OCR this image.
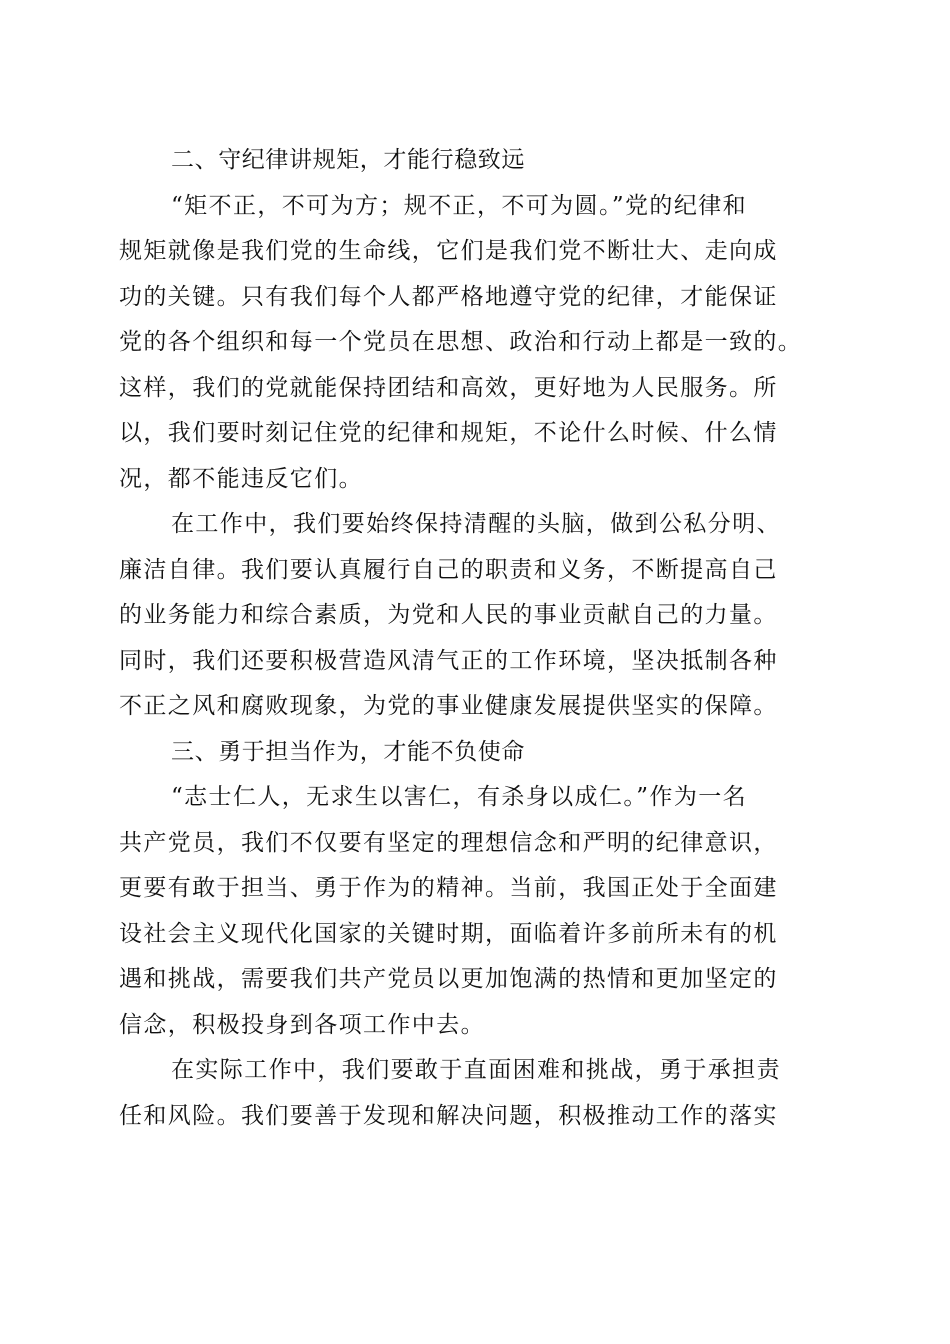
二、守纪律讲规矩，才能行稳致远
“矩不正，不可为方；规不正，不可为圆。”党的纪律和
规矩就像是我们党的生命线，它们是我们党不断壮大、走向成
功的关键。只有我们每个人都严格地遵守党的纪律，才能保证
党的各个组织和每一个党员在思想、政治和行动上都是一致的。
这样，我们的党就能保持团结和高效，更好地为人民服务。所
以，我们要时刻记住党的纪律和规矩，不论什么时候、什么情
况，都不能违反它们。
在工作中，我们要始终保持清醒的头脑，做到公私分明、
廉洁自律。我们要认真履行自己的职责和义务，不断提高自己
的业务能力和综合素质，为党和人民的事业贡献自己的力量。
同时，我们还要积极营造风清气正的工作环境，坚决抵制各种
不正之风和腐败现象，为党的事业健康发展提供坚实的保障。
三、勇于担当作为，才能不负使命
“志士仁人，无求生以害仁，有杀身以成仁。”作为一名
共产党员，我们不仅要有坚定的理想信念和严明的纪律意识，
更要有敢于担当、勇于作为的精神。当前，我国正处于全面建
设社会主义现代化国家的关键时期，面临着许多前所未有的机
遇和挑战，需要我们共产党员以更加饱满的热情和更加坚定的
信念，积极投身到各项工作中去。
在实际工作中，我们要敢于直面困难和挑战，勇于承担责
任和风险。我们要善于发现和解决问题，积极推动工作的落实
